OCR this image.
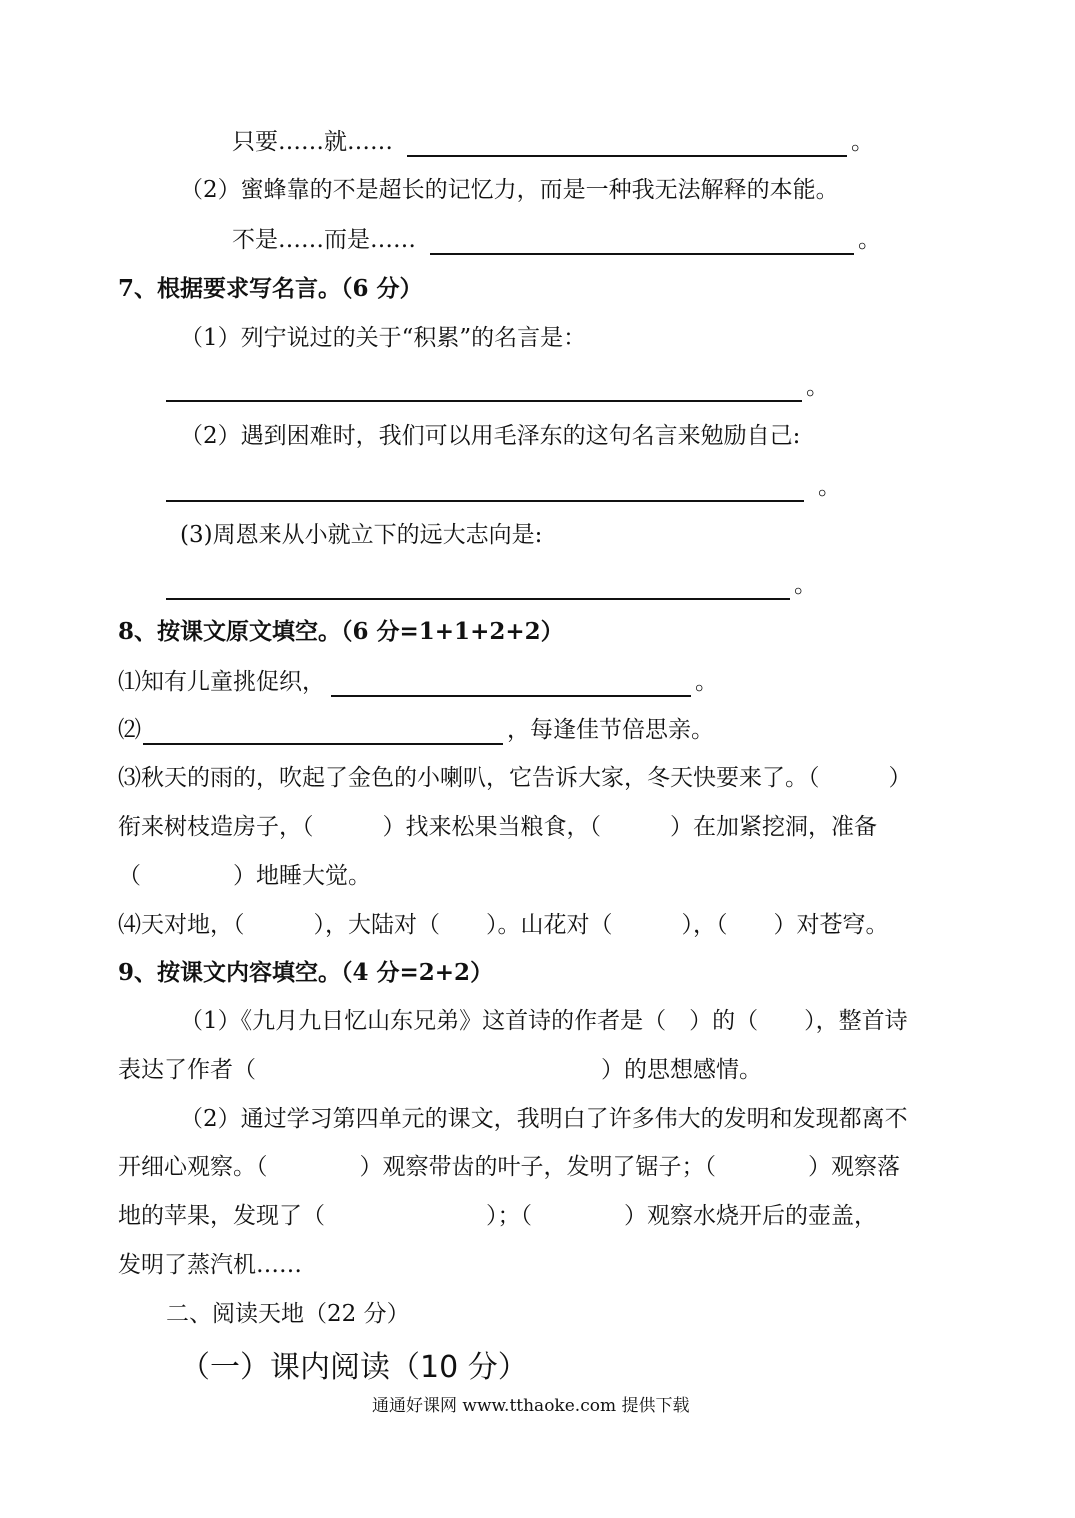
只要……就……	。
（2）蜜蜂靠的不是超长的记忆力，而是一种我无法解释的本能。
不是……而是……	。
7、根据要求写名言。（6 分）
（1）列宁说过的关于“积累”的名言是：
。
（2）遇到困难时，我们可以用毛泽东的这句名言来勉励自己:
。
(3)周恩来从小就立下的远大志向是:
。
8、按课文原文填空。（6 分=1+1+2+2）
⑴知有儿童挑促织，	。
⑵	，每逢佳节倍思亲。
⑶秋天的雨的，吹起了金色的小喇叭，它告诉大家，冬天快要来了。（　　　）
衔来树枝造房子，（　　　）找来松果当粮食，（　　　）在加紧挖洞，准备
（　　　　）地睡大觉。
⑷天对地，（　　　），大陆对（　　）。山花对（　　　），（　　）对苍穹。
9、按课文内容填空。（4 分=2+2）
（1）《九月九日忆山东兄弟》这首诗的作者是（　）的（　　），整首诗
表达了作者（　　　　　　　　　　　　　　　）的思想感情。
（2）通过学习第四单元的课文，我明白了许多伟大的发明和发现都离不
开细心观察。（　　　　）观察带齿的叶子，发明了锯子；（　　　　）观察落
地的苹果，发现了（　　　　　　　）；（　　　　）观察水烧开后的壶盖，
发明了蒸汽机……
二、阅读天地（22 分）
（一）课内阅读（10 分）
通通好课网 www.tthaoke.com 提供下载
